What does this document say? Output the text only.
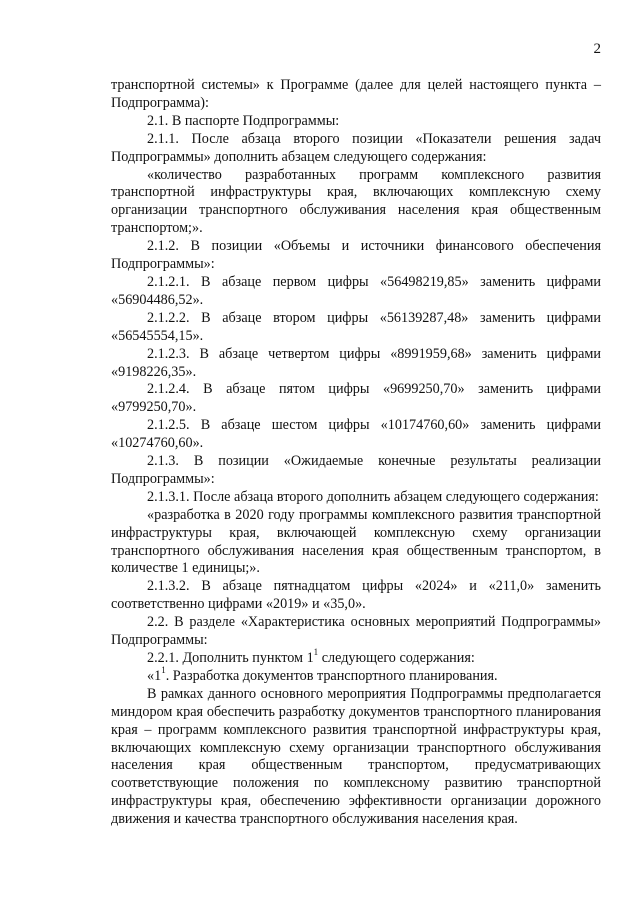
2

транспортной системы» к Программе (далее для целей настоящего пункта – Подпрограмма):

2.1. В паспорте Подпрограммы:

2.1.1. После абзаца второго позиции «Показатели решения задач Подпрограммы» дополнить абзацем следующего содержания:

«количество разработанных программ комплексного развития транспортной инфраструктуры края, включающих комплексную схему организации транспортного обслуживания населения края общественным транспортом;».

2.1.2. В позиции «Объемы и источники финансового обеспечения Подпрограммы»:

2.1.2.1. В абзаце первом цифры «56498219,85» заменить цифрами «56904486,52».

2.1.2.2. В абзаце втором цифры «56139287,48» заменить цифрами «56545554,15».

2.1.2.3. В абзаце четвертом цифры «8991959,68» заменить цифрами «9198226,35».

2.1.2.4. В абзаце пятом цифры «9699250,70» заменить цифрами «9799250,70».

2.1.2.5. В абзаце шестом цифры «10174760,60» заменить цифрами «10274760,60».

2.1.3. В позиции «Ожидаемые конечные результаты реализации Подпрограммы»:

2.1.3.1. После абзаца второго дополнить абзацем следующего содержания:

«разработка в 2020 году программы комплексного развития транспортной инфраструктуры края, включающей комплексную схему организации транспортного обслуживания населения края общественным транспортом, в количестве 1 единицы;».

2.1.3.2. В абзаце пятнадцатом цифры «2024» и «211,0» заменить соответственно цифрами «2019» и «35,0».

2.2. В разделе «Характеристика основных мероприятий Подпрограммы» Подпрограммы:

2.2.1. Дополнить пунктом $1^1$ следующего содержания:

«$1^1$. Разработка документов транспортного планирования.

В рамках данного основного мероприятия Подпрограммы предполагается миндором края обеспечить разработку документов транспортного планирования края – программ комплексного развития транспортной инфраструктуры края, включающих комплексную схему организации транспортного обслуживания населения края общественным транспортом, предусматривающих соответствующие положения по комплексному развитию транспортной инфраструктуры края, обеспечению эффективности организации дорожного движения и качества транспортного обслуживания населения края.
